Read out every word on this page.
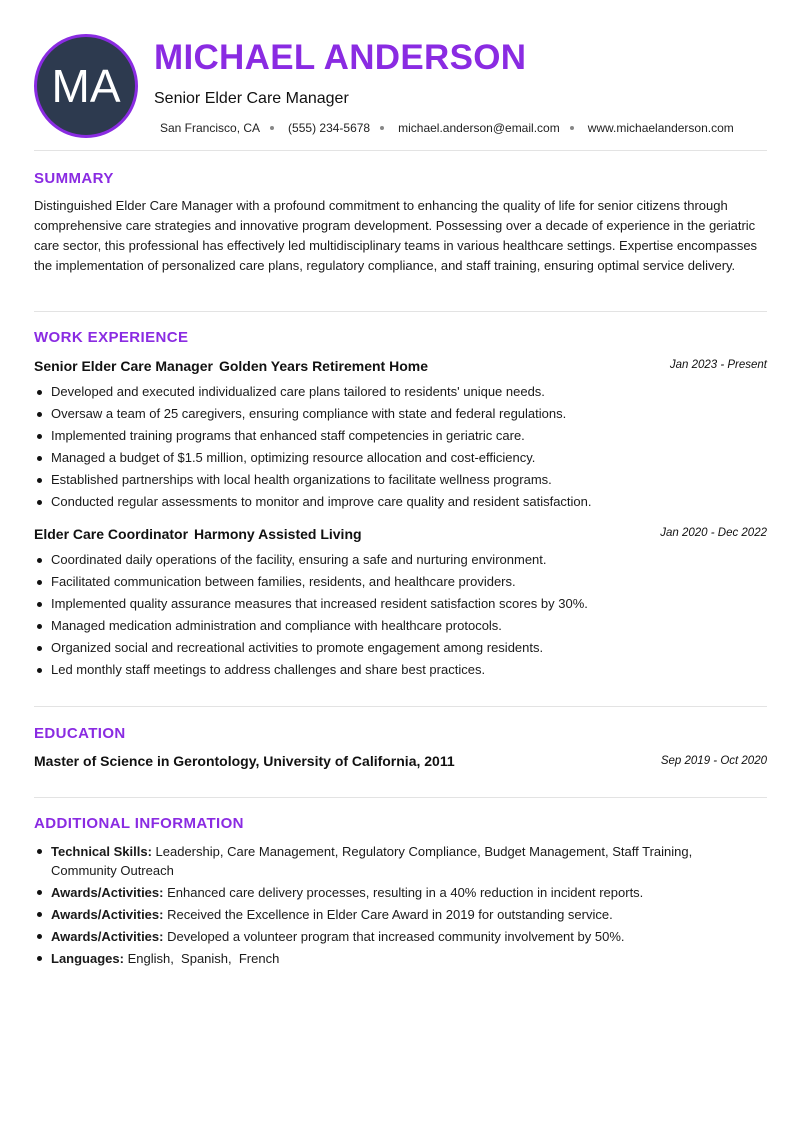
MA
MICHAEL ANDERSON
Senior Elder Care Manager
San Francisco, CA (555) 234-5678 michael.anderson@email.com www.michaelanderson.com
SUMMARY
Distinguished Elder Care Manager with a profound commitment to enhancing the quality of life for senior citizens through comprehensive care strategies and innovative program development. Possessing over a decade of experience in the geriatric care sector, this professional has effectively led multidisciplinary teams in various healthcare settings. Expertise encompasses the implementation of personalized care plans, regulatory compliance, and staff training, ensuring optimal service delivery.
WORK EXPERIENCE
Senior Elder Care Manager Golden Years Retirement Home	Jan 2023 - Present
Developed and executed individualized care plans tailored to residents' unique needs.
Oversaw a team of 25 caregivers, ensuring compliance with state and federal regulations.
Implemented training programs that enhanced staff competencies in geriatric care.
Managed a budget of $1.5 million, optimizing resource allocation and cost-efficiency.
Established partnerships with local health organizations to facilitate wellness programs.
Conducted regular assessments to monitor and improve care quality and resident satisfaction.
Elder Care Coordinator Harmony Assisted Living	Jan 2020 - Dec 2022
Coordinated daily operations of the facility, ensuring a safe and nurturing environment.
Facilitated communication between families, residents, and healthcare providers.
Implemented quality assurance measures that increased resident satisfaction scores by 30%.
Managed medication administration and compliance with healthcare protocols.
Organized social and recreational activities to promote engagement among residents.
Led monthly staff meetings to address challenges and share best practices.
EDUCATION
Master of Science in Gerontology, University of California, 2011	Sep 2019 - Oct 2020
ADDITIONAL INFORMATION
Technical Skills: Leadership, Care Management, Regulatory Compliance, Budget Management, Staff Training, Community Outreach
Awards/Activities: Enhanced care delivery processes, resulting in a 40% reduction in incident reports.
Awards/Activities: Received the Excellence in Elder Care Award in 2019 for outstanding service.
Awards/Activities: Developed a volunteer program that increased community involvement by 50%.
Languages: English,  Spanish,  French
